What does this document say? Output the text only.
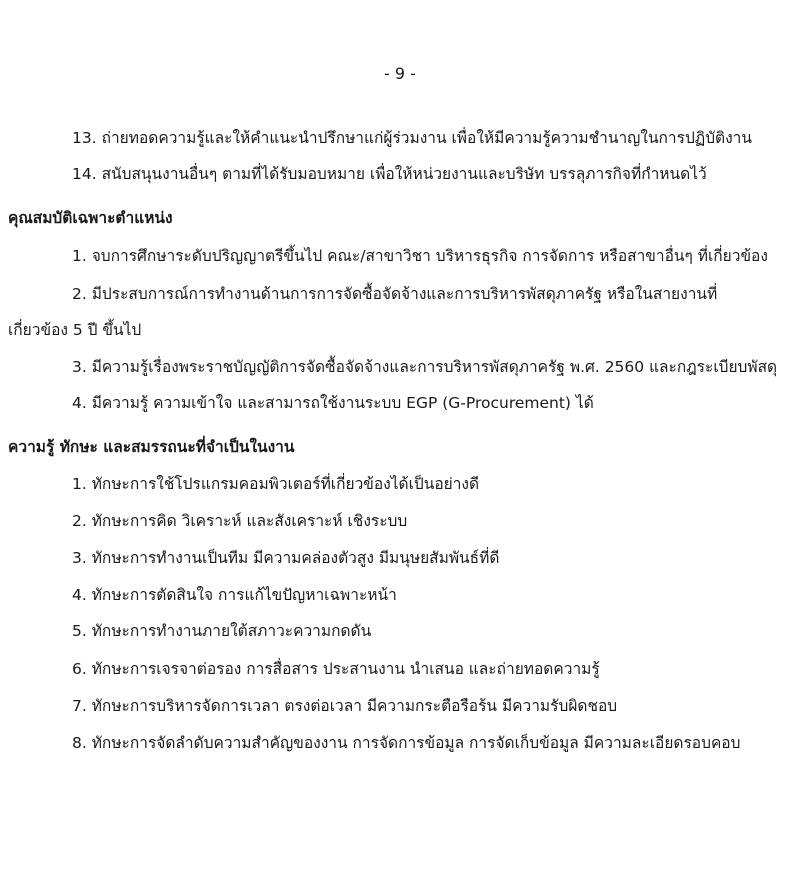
- 9 -
13. ถ่ายทอดความรู้และให้คำแนะนำปรึกษาแก่ผู้ร่วมงาน เพื่อให้มีความรู้ความชำนาญในการปฏิบัติงาน
14. สนับสนุนงานอื่นๆ ตามที่ได้รับมอบหมาย เพื่อให้หน่วยงานและบริษัท บรรลุภารกิจที่กำหนดไว้
คุณสมบัติเฉพาะตำแหน่ง
1. จบการศึกษาระดับปริญญาตรีขึ้นไป คณะ/สาขาวิชา บริหารธุรกิจ การจัดการ หรือสาขาอื่นๆ ที่เกี่ยวข้อง
2. มีประสบการณ์การทำงานด้านการการจัดซื้อจัดจ้างและการบริหารพัสดุภาครัฐ หรือในสายงานที่
เกี่ยวข้อง 5 ปี ขึ้นไป
3. มีความรู้เรื่องพระราชบัญญัติการจัดซื้อจัดจ้างและการบริหารพัสดุภาครัฐ พ.ศ. 2560 และกฎระเบียบพัสดุ
4. มีความรู้ ความเข้าใจ และสามารถใช้งานระบบ EGP (G-Procurement) ได้
ความรู้ ทักษะ และสมรรถนะที่จำเป็นในงาน
1. ทักษะการใช้โปรแกรมคอมพิวเตอร์ที่เกี่ยวข้องได้เป็นอย่างดี
2. ทักษะการคิด วิเคราะห์ และสังเคราะห์ เชิงระบบ
3. ทักษะการทำงานเป็นทีม มีความคล่องตัวสูง มีมนุษยสัมพันธ์ที่ดี
4. ทักษะการตัดสินใจ การแก้ไขปัญหาเฉพาะหน้า
5. ทักษะการทำงานภายใต้สภาวะความกดดัน
6. ทักษะการเจรจาต่อรอง การสื่อสาร ประสานงาน นำเสนอ และถ่ายทอดความรู้
7. ทักษะการบริหารจัดการเวลา ตรงต่อเวลา มีความกระตือรือร้น มีความรับผิดชอบ
8. ทักษะการจัดลำดับความสำคัญของงาน การจัดการข้อมูล การจัดเก็บข้อมูล มีความละเอียดรอบคอบ
